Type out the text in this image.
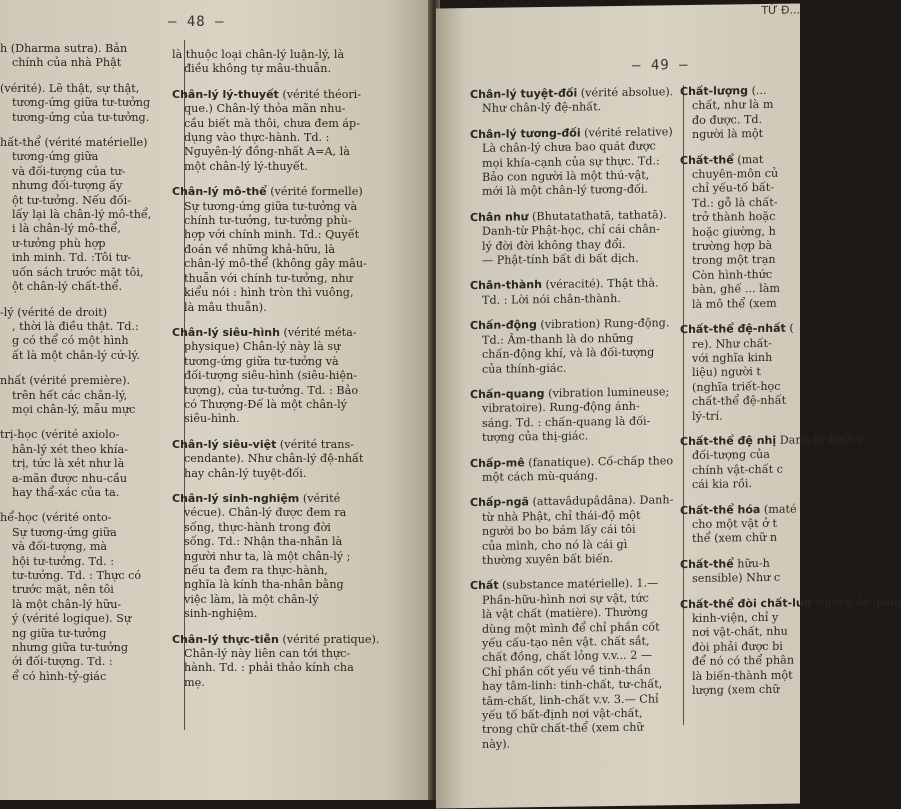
— 48 —
h (Dharma sutra). Bản
chính của nhà Phật
(vérité). Lẽ thật, sự thật,
tương-ứng giữa tư-tưởng
tương-ứng của tư-tưởng.
hất-thể (vérité matérielle)
tương-ứng giữa
và đối-tượng của tư-
nhưng đối-tượng ấy
ột tư-tưởng. Nếu đối-
lấy lại là chân-lý mô-thể,
i là chân-lý mô-thể,
ư-tưởng phù hợp
inh minh. Td. :Tôi tư-
uốn sách trước mặt tôi,
ột chân-lý chất-thể.
-lý (vérité de droit)
, thời là điều thật. Td.:
g có thể có một hình
ất là một chân-lý cứ-lý.
nhất (vérité première).
trên hết các chân-lý,
mọi chân-lý, mẫu mực
trị-học (vérité axiolo-
hân-lý xét theo khía-
trị, tức là xét như là
a-mãn được nhu-cầu
hay thẩ-xác của ta.
hể-học (vérité onto-
Sự tương-ứng giữa
và đối-tượng, mà
hội tư-tưởng. Td. :
tư-tưởng. Td. : Thực có
trước mặt, nên tôi
là một chân-lý hữu-
ý (vérité logique). Sự
ng giữa tư-tưởng
nhưng giữa tư-tưởng
ới đối-tượng. Td. :
ể có hình-tỷ-giác
là thuộc loại chân-lý luận-lý, là
điều không tự mâu-thuẫn.
Chân-lý lý-thuyết (vérité théori-
que.) Chân-lý thỏa mãn nhu-
cầu biết mà thôi, chưa đem áp-
dụng vào thực-hành. Td. :
Nguyên-lý đồng-nhất A=A, là
một chân-lý lý-thuyết.
Chân-lý mô-thể (vérité formelle)
Sự tương-ứng giữa tư-tưởng và
chính tư-tưởng, tư-tưởng phù-
hợp với chính minh. Td.: Quyết
đoán về những khả-hữu, là
chân-lý mô-thể (không gây mâu-
thuẫn với chính tư-tưởng, như
kiểu nói : hình tròn thì vuông,
là mâu thuẫn).
Chân-lý siêu-hình (vérité méta-
physique) Chân-lý này là sự
tương-ứng giữa tư-tưởng và
đối-tượng siêu-hình (siêu-hiện-
tượng), của tư-tưởng. Td. : Bảo
có Thượng-Đế là một chân-lý
siêu-hình.
Chân-lý siêu-việt (vérité trans-
cendante). Như chân-lý đệ-nhất
hay chân-lý tuyệt-đối.
Chân-lý sinh-nghiệm (vérité
vécue). Chân-lý được đem ra
sống, thực-hành trong đời
sống. Td.: Nhận tha-nhân là
người như ta, là một chân-lý ;
nếu ta đem ra thực-hành,
nghĩa là kính tha-nhân bằng
việc làm, là một chân-lý
sinh-nghiệm.
Chân-lý thực-tiễn (vérité pratique).
Chân-lý này liên can tới thực-
hành. Td. : phải thảo kính cha
mẹ.
TỪ Đ...
— 49 —
Chân-lý tuyệt-đối (vérité absolue).
Như chân-lý đệ-nhất.
Chân-lý tương-đối (vérité relative)
Là chân-lý chưa bao quát được
mọi khía-cạnh của sự thực. Td.:
Bảo con người là một thú-vật,
mới là một chân-lý tương-đối.
Chân như (Bhutatathatā, tathatā).
Danh-từ Phật-học, chỉ cái chân-
lý đời đời không thay đổi.
— Phật-tính bất di bất dịch.
Chân-thành (véracité). Thật thà.
Td. : Lời nói chân-thành.
Chấn-động (vibration) Rung-động.
Td.: Âm-thanh là do những
chấn-động khí, và là đối-tượng
của thính-giác.
Chấn-quang (vibration lumineuse;
vibratoire). Rung-động ánh-
sáng. Td. : chấn-quang là đối-
tượng của thị-giác.
Chấp-mê (fanatique). Cố-chấp theo
một cách mù-quáng.
Chấp-ngã (attavâdupâdâna). Danh-
từ nhà Phật, chỉ thái-độ một
người bo bo bám lấy cái tôi
của mình, cho nó là cái gì
thường xuyên bất biến.
Chất (substance matérielle). 1.—
Phần-hữu-hình nơi sự vật, tức
là vật chất (matière). Thường
dùng một mình để chỉ phần cốt
yếu cấu-tạo nên vật. chất sắt,
chất đồng, chất lỏng v.v... 2 —
Chỉ phần cốt yếu về tinh-thần
hay tâm-linh: tinh-chất, tư-chất,
tâm-chất, linh-chất v.v. 3.— Chỉ
yếu tố bất-định nơi vật-chất,
trong chữ chất-thể (xem chữ
này).
Chất-lượng (...
chất, như là m
đo được. Td.
người là một
Chất-thể (mat
chuyên-môn củ
chỉ yếu-tố bất-
Td.: gỗ là chất-
trở thành hoặc
hoặc giường, h
trường hợp bà
trong một trạn
Còn hình-thức
bàn, ghế ... làm
là mô thể (xem
Chất-thể đệ-nhất (
re). Như chất-
với nghĩa kinh
liệu) người t
(nghĩa triết-học
chất-thể đệ-nhất
lý-trí.
Chất-thể đệ nhị Danh-từ kinh-v
đối-tượng của
chính vật-chất c
cái kia rồi.
Chất-thể hóa (maté
cho một vật ở t
thể (xem chữ n
Chất-thể hữu-h
sensible) Như c
Chất-thể đòi chất-lượ signée de quan
kinh-viện, chỉ y
nơi vật-chất, nhu
đòi phải được bi
để nó có thể phân
là biến-thành một
lượng (xem chữ
